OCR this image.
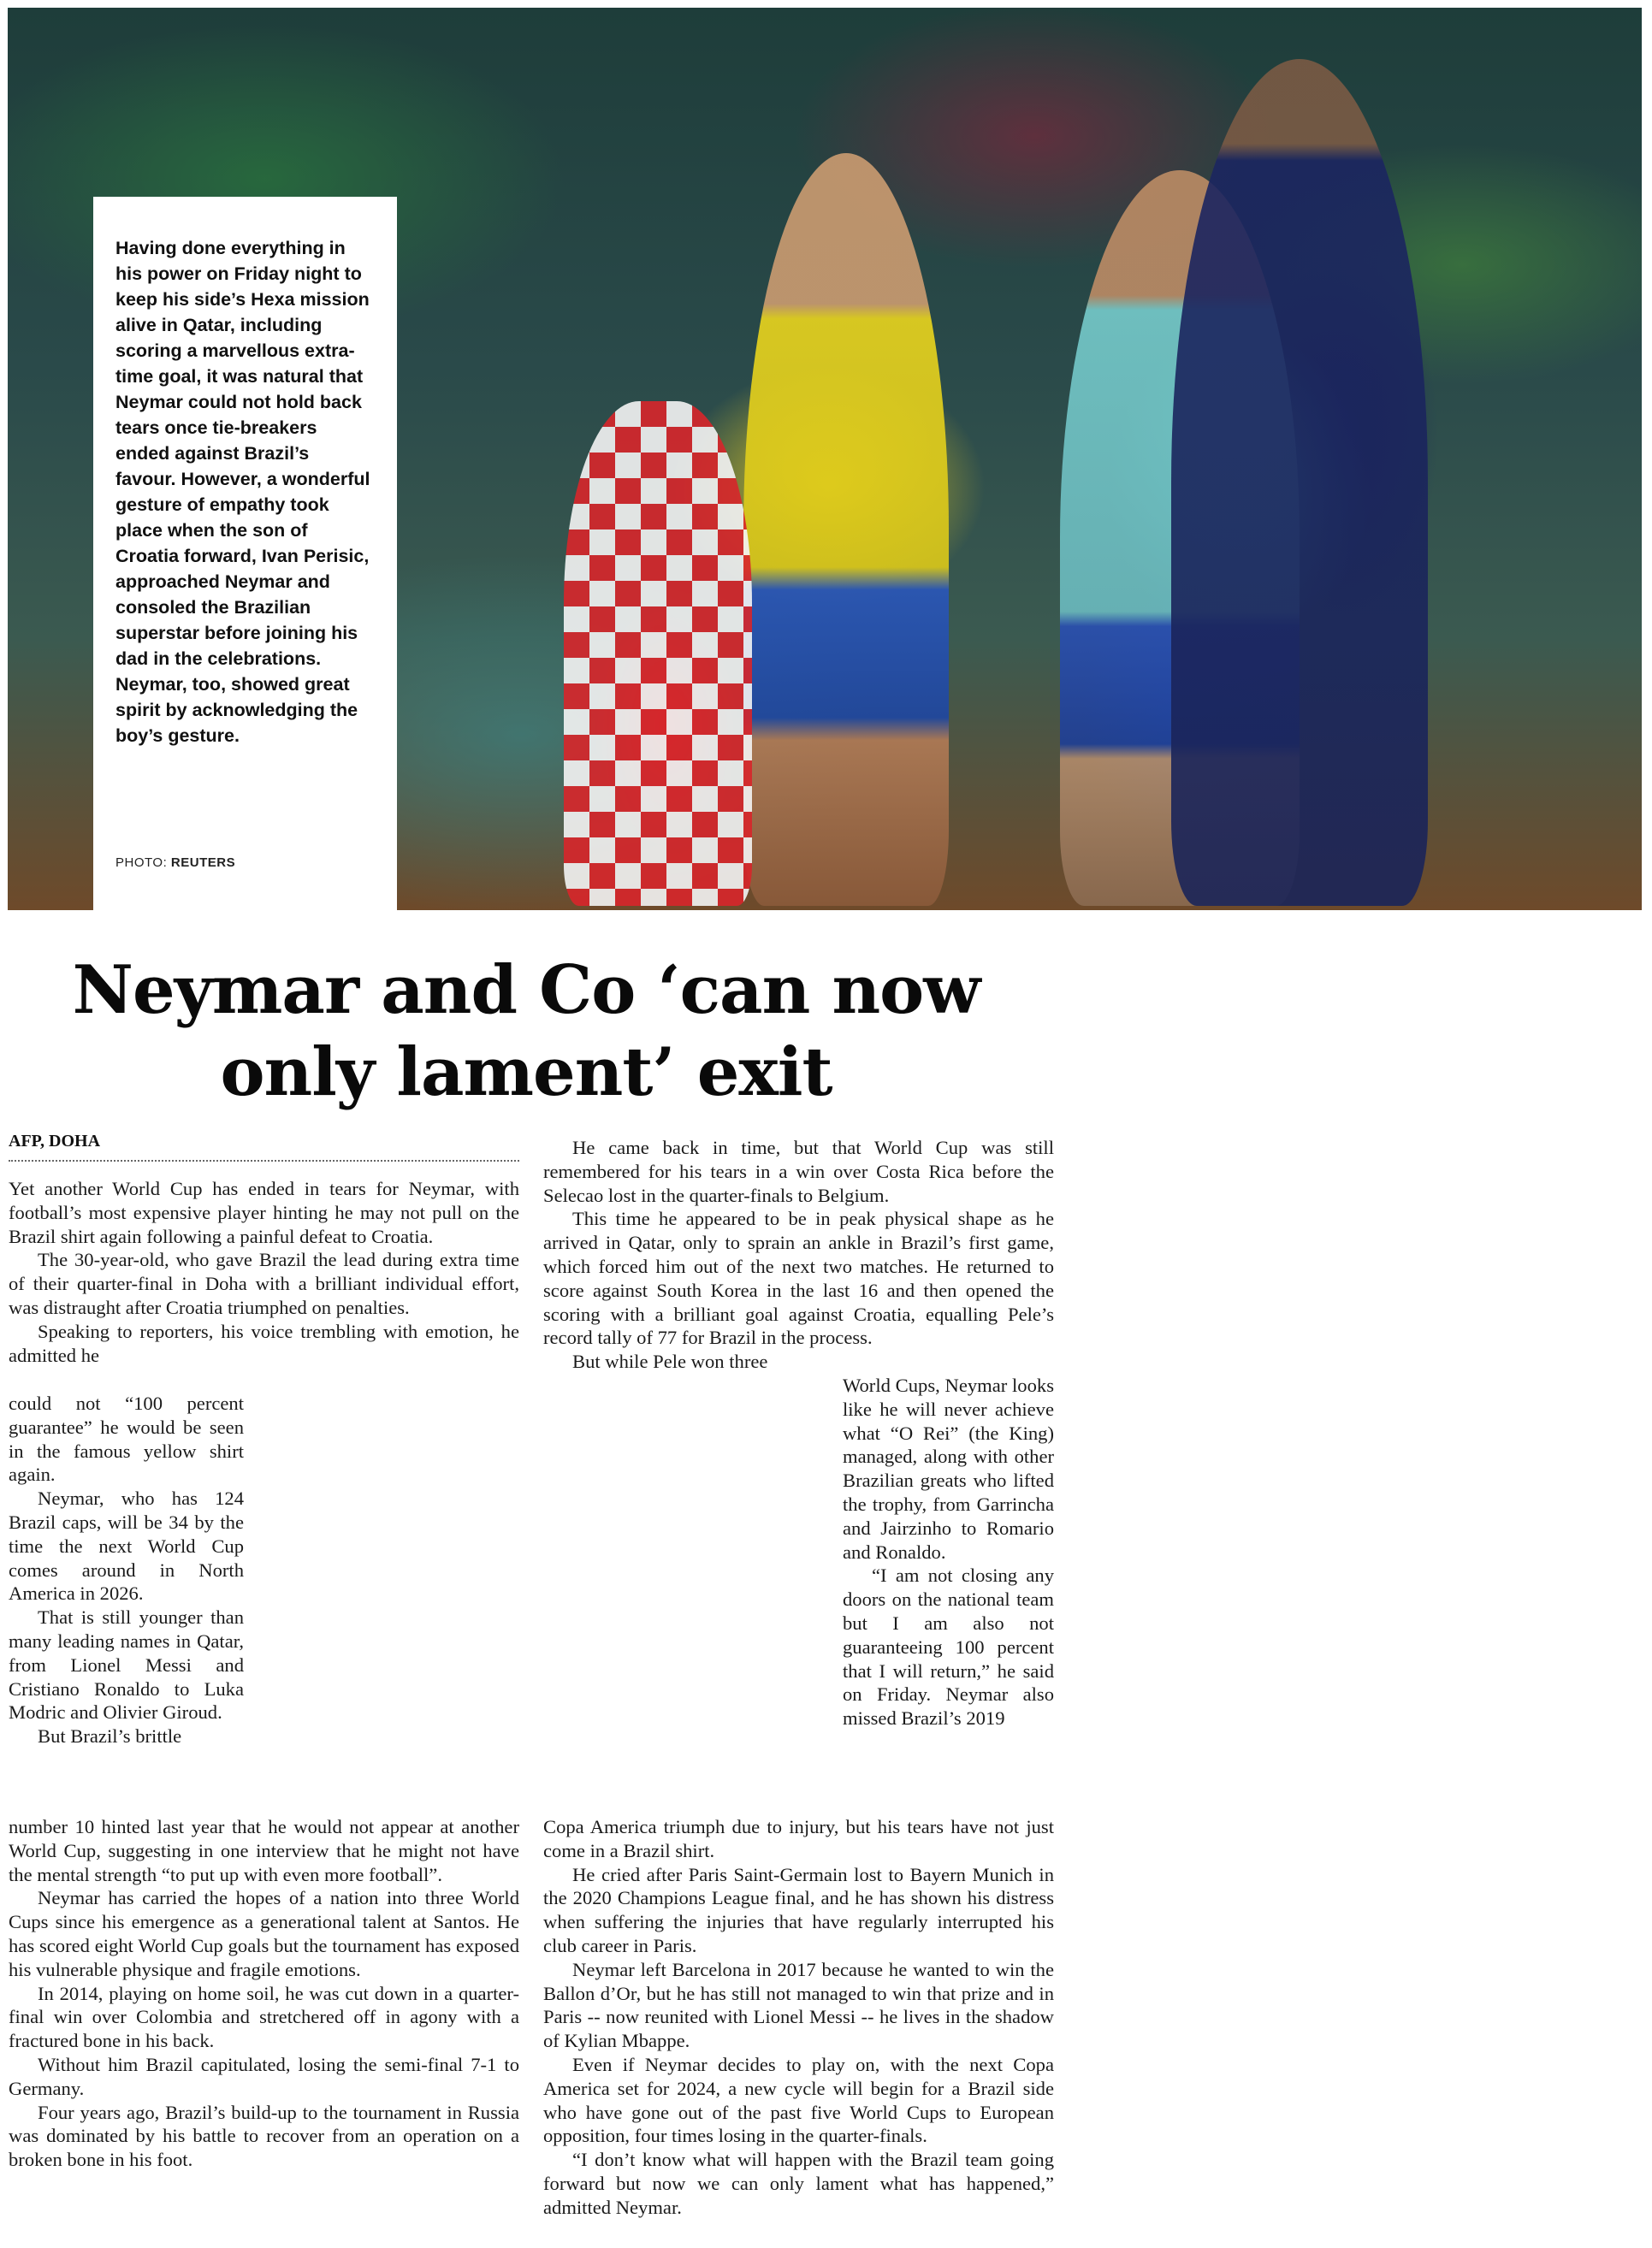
Having done everything in his power on Friday night to keep his side’s Hexa mission alive in Qatar, including scoring a marvellous extra-time goal, it was natural that Neymar could not hold back tears once tie-breakers ended against Brazil’s favour. However, a wonderful gesture of empathy took place when the son of Croatia forward, Ivan Perisic, approached Neymar and consoled the Brazilian superstar before joining his dad in the celebrations. Neymar, too, showed great spirit by acknowledging the boy’s gesture.
PHOTO: REUTERS
Neymar and Co ‘can now
only lament’ exit
AFP, DOHA

Yet another World Cup has ended in tears for Neymar, with football’s most expensive player hinting he may not pull on the Brazil shirt again following a painful defeat to Croatia.

The 30-year-old, who gave Brazil the lead during extra time of their quarter-final in Doha with a brilliant individual effort, was distraught after Croatia triumphed on penalties.

Speaking to reporters, his voice trembling with emotion, he admitted he

could not “100 percent guarantee” he would be seen in the famous yellow shirt again.

Neymar, who has 124 Brazil caps, will be 34 by the time the next World Cup comes around in North America in 2026.

That is still younger than many leading names in Qatar, from Lionel Messi and Cristiano Ronaldo to Luka Modric and Olivier Giroud.

But Brazil’s brittle

number 10 hinted last year that he would not appear at another World Cup, suggesting in one interview that he might not have the mental strength “to put up with even more football”.

Neymar has carried the hopes of a nation into three World Cups since his emergence as a generational talent at Santos. He has scored eight World Cup goals but the tournament has exposed his vulnerable physique and fragile emotions.

In 2014, playing on home soil, he was cut down in a quarter-final win over Colombia and stretchered off in agony with a fractured bone in his back.

Without him Brazil capitulated, losing the semi-final 7-1 to Germany.

Four years ago, Brazil’s build-up to the tournament in Russia was dominated by his battle to recover from an operation on a broken bone in his foot.

He came back in time, but that World Cup was still remembered for his tears in a win over Costa Rica before the Selecao lost in the quarter-finals to Belgium.

This time he appeared to be in peak physical shape as he arrived in Qatar, only to sprain an ankle in Brazil’s first game, which forced him out of the next two matches. He returned to score against South Korea in the last 16 and then opened the scoring with a brilliant goal against Croatia, equalling Pele’s record tally of 77 for Brazil in the process.

But while Pele won three

World Cups, Neymar looks like he will never achieve what “O Rei” (the King) managed, along with other Brazilian greats who lifted the trophy, from Garrincha and Jairzinho to Romario and Ronaldo.

“I am not closing any doors on the national team but I am also not guaranteeing 100 percent that I will return,” he said on Friday. Neymar also missed Brazil’s 2019

Copa America triumph due to injury, but his tears have not just come in a Brazil shirt.

He cried after Paris Saint-Germain lost to Bayern Munich in the 2020 Champions League final, and he has shown his distress when suffering the injuries that have regularly interrupted his club career in Paris.

Neymar left Barcelona in 2017 because he wanted to win the Ballon d’Or, but he has still not managed to win that prize and in Paris -- now reunited with Lionel Messi -- he lives in the shadow of Kylian Mbappe.

Even if Neymar decides to play on, with the next Copa America set for 2024, a new cycle will begin for a Brazil side who have gone out of the past five World Cups to European opposition, four times losing in the quarter-finals.

“I don’t know what will happen with the Brazil team going forward but now we can only lament what has happened,” admitted Neymar.
